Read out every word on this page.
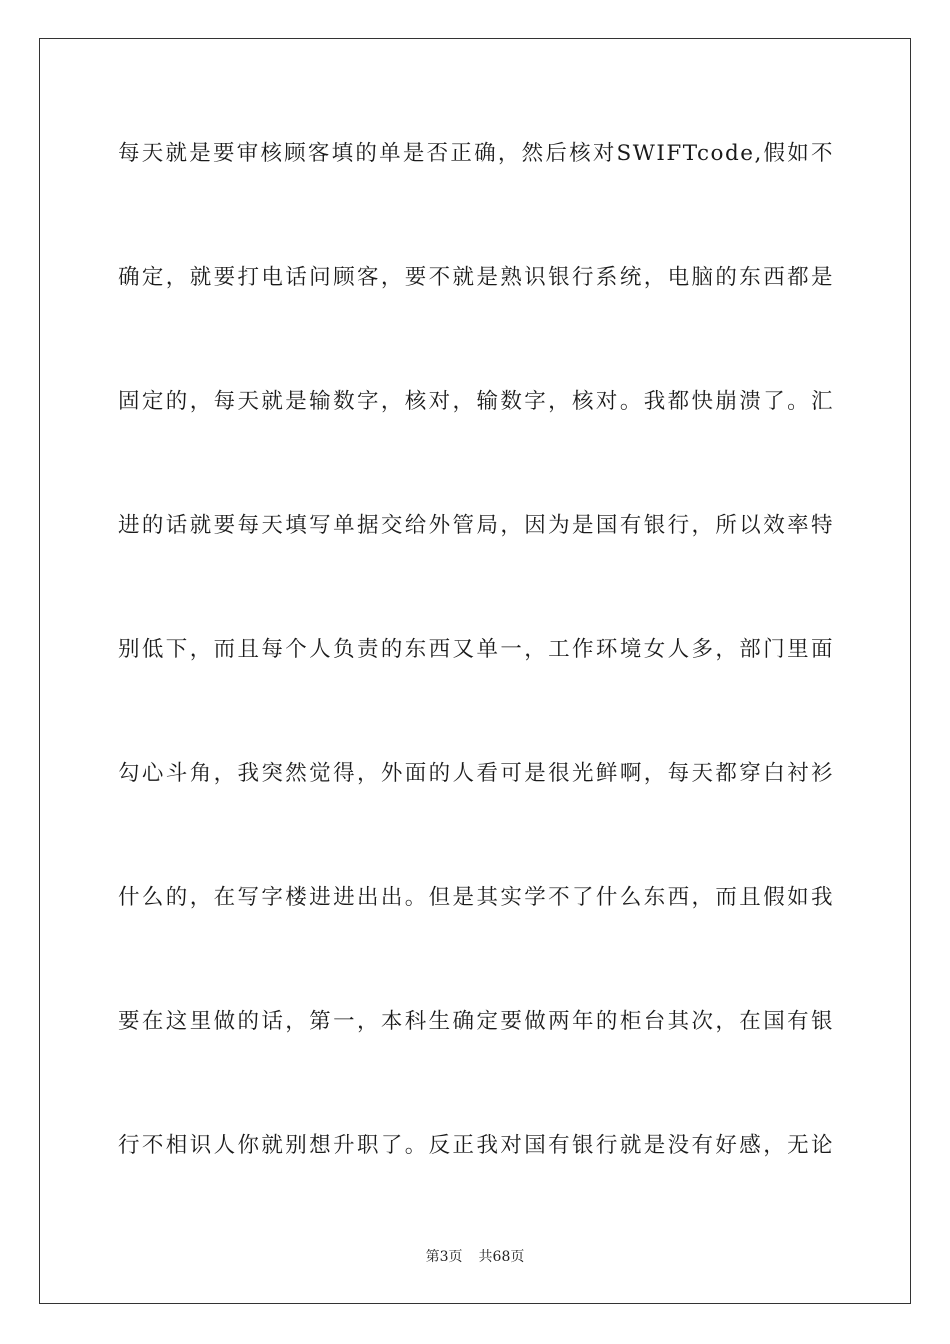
每天就是要审核顾客填的单是否正确，然后核对SWIFTcode,假如不
确定，就要打电话问顾客，要不就是熟识银行系统，电脑的东西都是
固定的，每天就是输数字，核对，输数字，核对。我都快崩溃了。汇
进的话就要每天填写单据交给外管局，因为是国有银行，所以效率特
别低下，而且每个人负责的东西又单一，工作环境女人多，部门里面
勾心斗角，我突然觉得，外面的人看可是很光鲜啊，每天都穿白衬衫
什么的，在写字楼进进出出。但是其实学不了什么东西，而且假如我
要在这里做的话，第一，本科生确定要做两年的柜台其次，在国有银
行不相识人你就别想升职了。反正我对国有银行就是没有好感，无论
第3页 共68页
